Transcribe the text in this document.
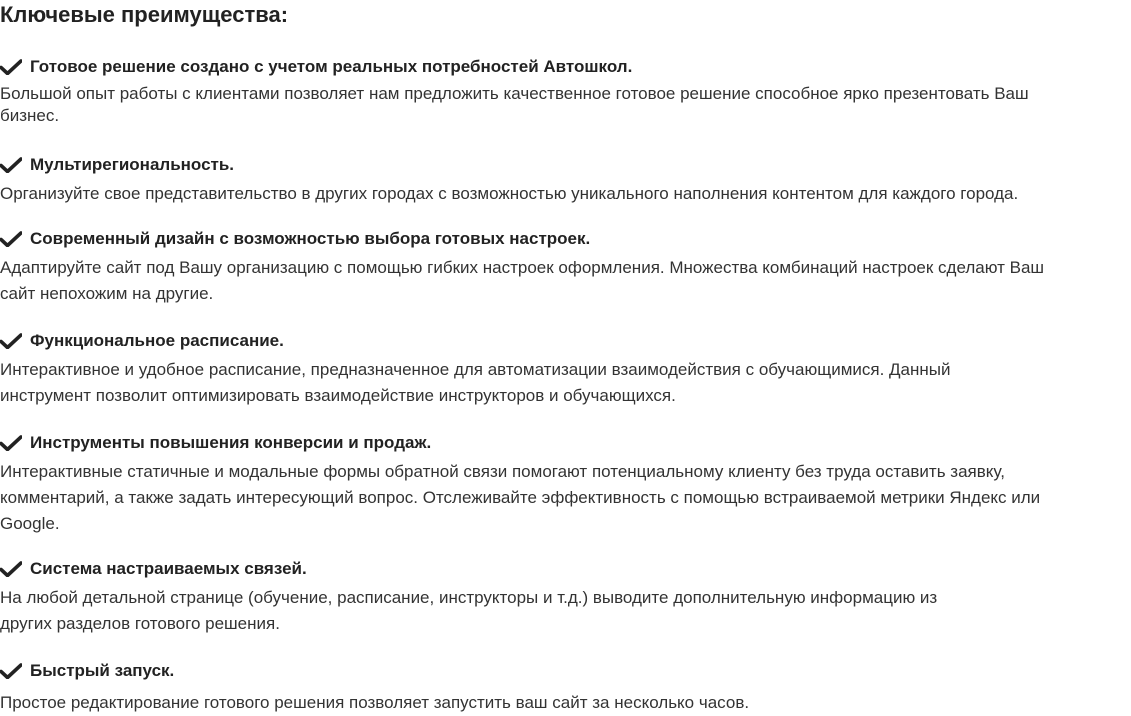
Ключевые преимущества:
Готовое решение создано с учетом реальных потребностей Автошкол.
Большой опыт работы с клиентами позволяет нам предложить качественное готовое решение способное ярко презентовать Ваш
бизнес.
Мультирегиональность.
Организуйте свое представительство в других городах с возможностью уникального наполнения контентом для каждого города.
Современный дизайн с возможностью выбора готовых настроек.
Адаптируйте сайт под Вашу организацию с помощью гибких настроек оформления. Множества комбинаций настроек сделают Ваш
сайт непохожим на другие.
Функциональное расписание.
Интерактивное и удобное расписание, предназначенное для автоматизации взаимодействия с обучающимися. Данный
инструмент позволит оптимизировать взаимодействие инструкторов и обучающихся.
Инструменты повышения конверсии и продаж.
Интерактивные статичные и модальные формы обратной связи помогают потенциальному клиенту без труда оставить заявку,
комментарий, а также задать интересующий вопрос. Отслеживайте эффективность с помощью встраиваемой метрики Яндекс или
Google.
Система настраиваемых связей.
На любой детальной странице (обучение, расписание, инструкторы и т.д.) выводите дополнительную информацию из
других разделов готового решения.
Быстрый запуск.
Простое редактирование готового решения позволяет запустить ваш сайт за несколько часов.
